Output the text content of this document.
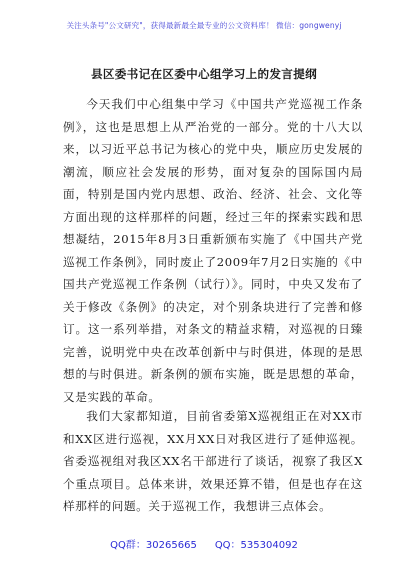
关注头条号"公文研究"，获得最新最全最专业的公文资料库！ 微信：gongwenyj
县区委书记在区委中心组学习上的发言提纲

今天我们中心组集中学习《中国共产党巡视工作条例》，这也是思想上从严治党的一部分。党的十八大以来，以习近平总书记为核心的党中央，顺应历史发展的潮流，顺应社会发展的形势，面对复杂的国际国内局面，特别是国内党内思想、政治、经济、社会、文化等方面出现的这样那样的问题，经过三年的探索实践和思想凝结，2015年8月3日重新颁布实施了《中国共产党巡视工作条例》，同时废止了2009年7月2日实施的《中国共产党巡视工作条例（试行）》。同时，中央又发布了关于修改《条例》的决定，对个别条块进行了完善和修订。这一系列举措，对条文的精益求精，对巡视的日臻完善，说明党中央在改革创新中与时俱进，体现的是思想的与时俱进。新条例的颁布实施，既是思想的革命，又是实践的革命。

我们大家都知道，目前省委第X巡视组正在对XX市和XX区进行巡视，XX月XX日对我区进行了延伸巡视。省委巡视组对我区XX名干部进行了谈话，视察了我区X个重点项目。总体来讲，效果还算不错，但是也存在这样那样的问题。关于巡视工作，我想讲三点体会。

QQ群：30265665 QQ：535304092
